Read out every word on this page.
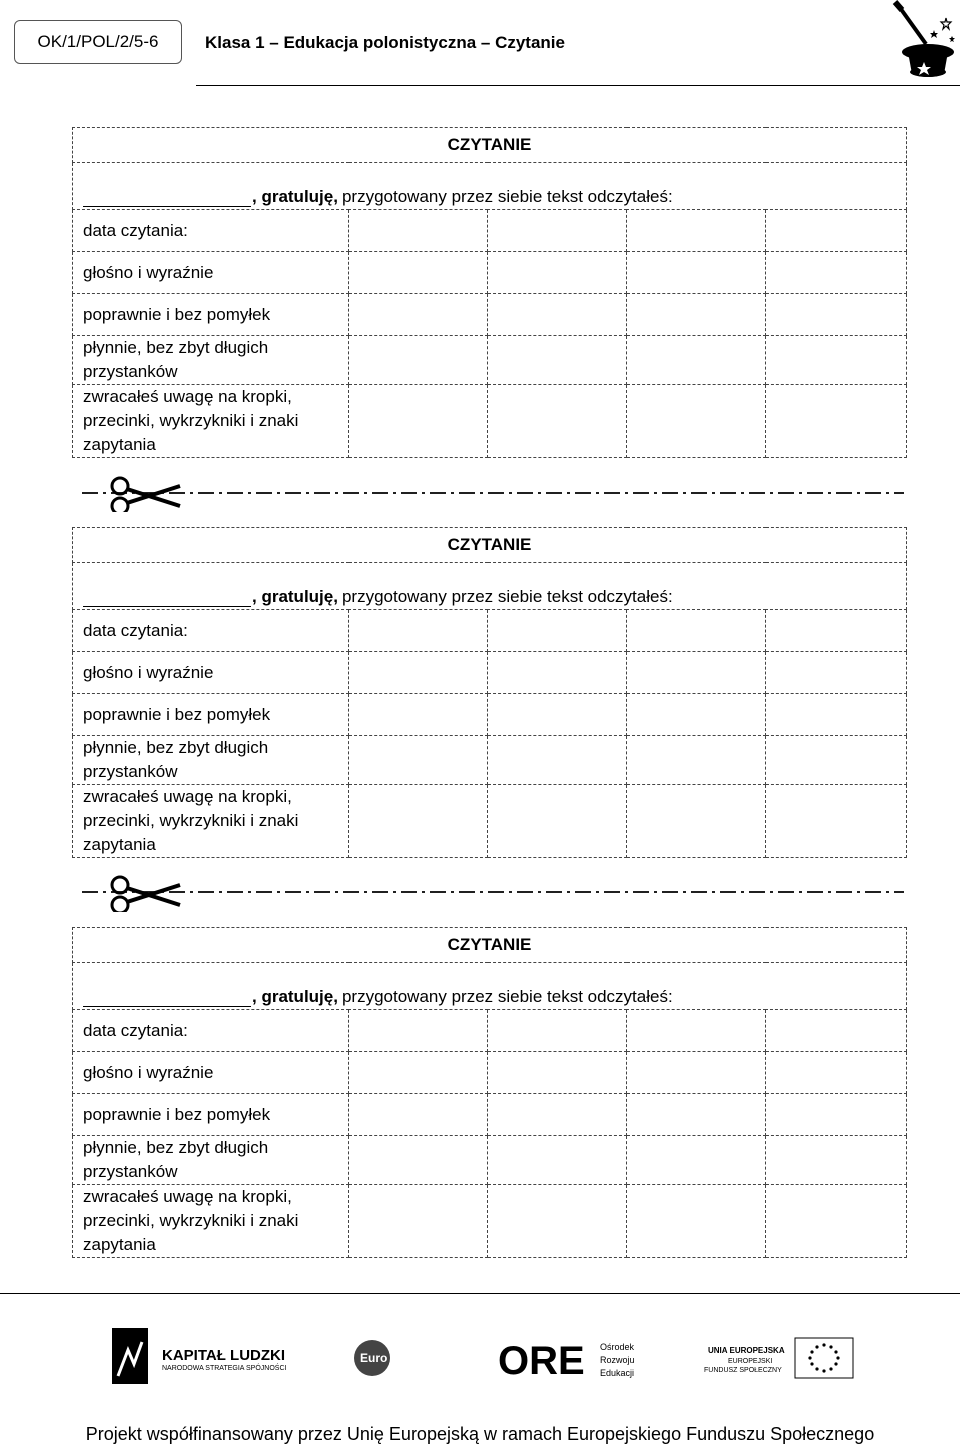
OK/1/POL/2/5-6	Klasa 1 – Edukacja polonistyczna – Czytanie
CZYTANIE				
, gratuluję, przygotowany przez siebie tekst odczytałeś:				
data czytania:				
głośno i wyraźnie				
poprawnie i bez pomyłek				
płynnie, bez zbyt długich przystanków				
zwracałeś uwagę na kropki, przecinki, wykrzykniki i znaki zapytania				
CZYTANIE				
, gratuluję, przygotowany przez siebie tekst odczytałeś:				
data czytania:				
głośno i wyraźnie				
poprawnie i bez pomyłek				
płynnie, bez zbyt długich przystanków				
zwracałeś uwagę na kropki, przecinki, wykrzykniki i znaki zapytania				
CZYTANIE				
, gratuluję, przygotowany przez siebie tekst odczytałeś:				
data czytania:				
głośno i wyraźnie				
poprawnie i bez pomyłek				
płynnie, bez zbyt długich przystanków				
zwracałeś uwagę na kropki, przecinki, wykrzykniki i znaki zapytania				
KAPITAŁ LUDZKI
NARODOWA STRATEGIA SPÓJNOŚCI
Euro Forum ORE Ośrodek
Rozwoju
Edukacji
UNIA EUROPEJSKA
EUROPEJSKI
FUNDUSZ SPOŁECZNY
Projekt współfinansowany przez Unię Europejską w ramach Europejskiego Funduszu Społecznego
